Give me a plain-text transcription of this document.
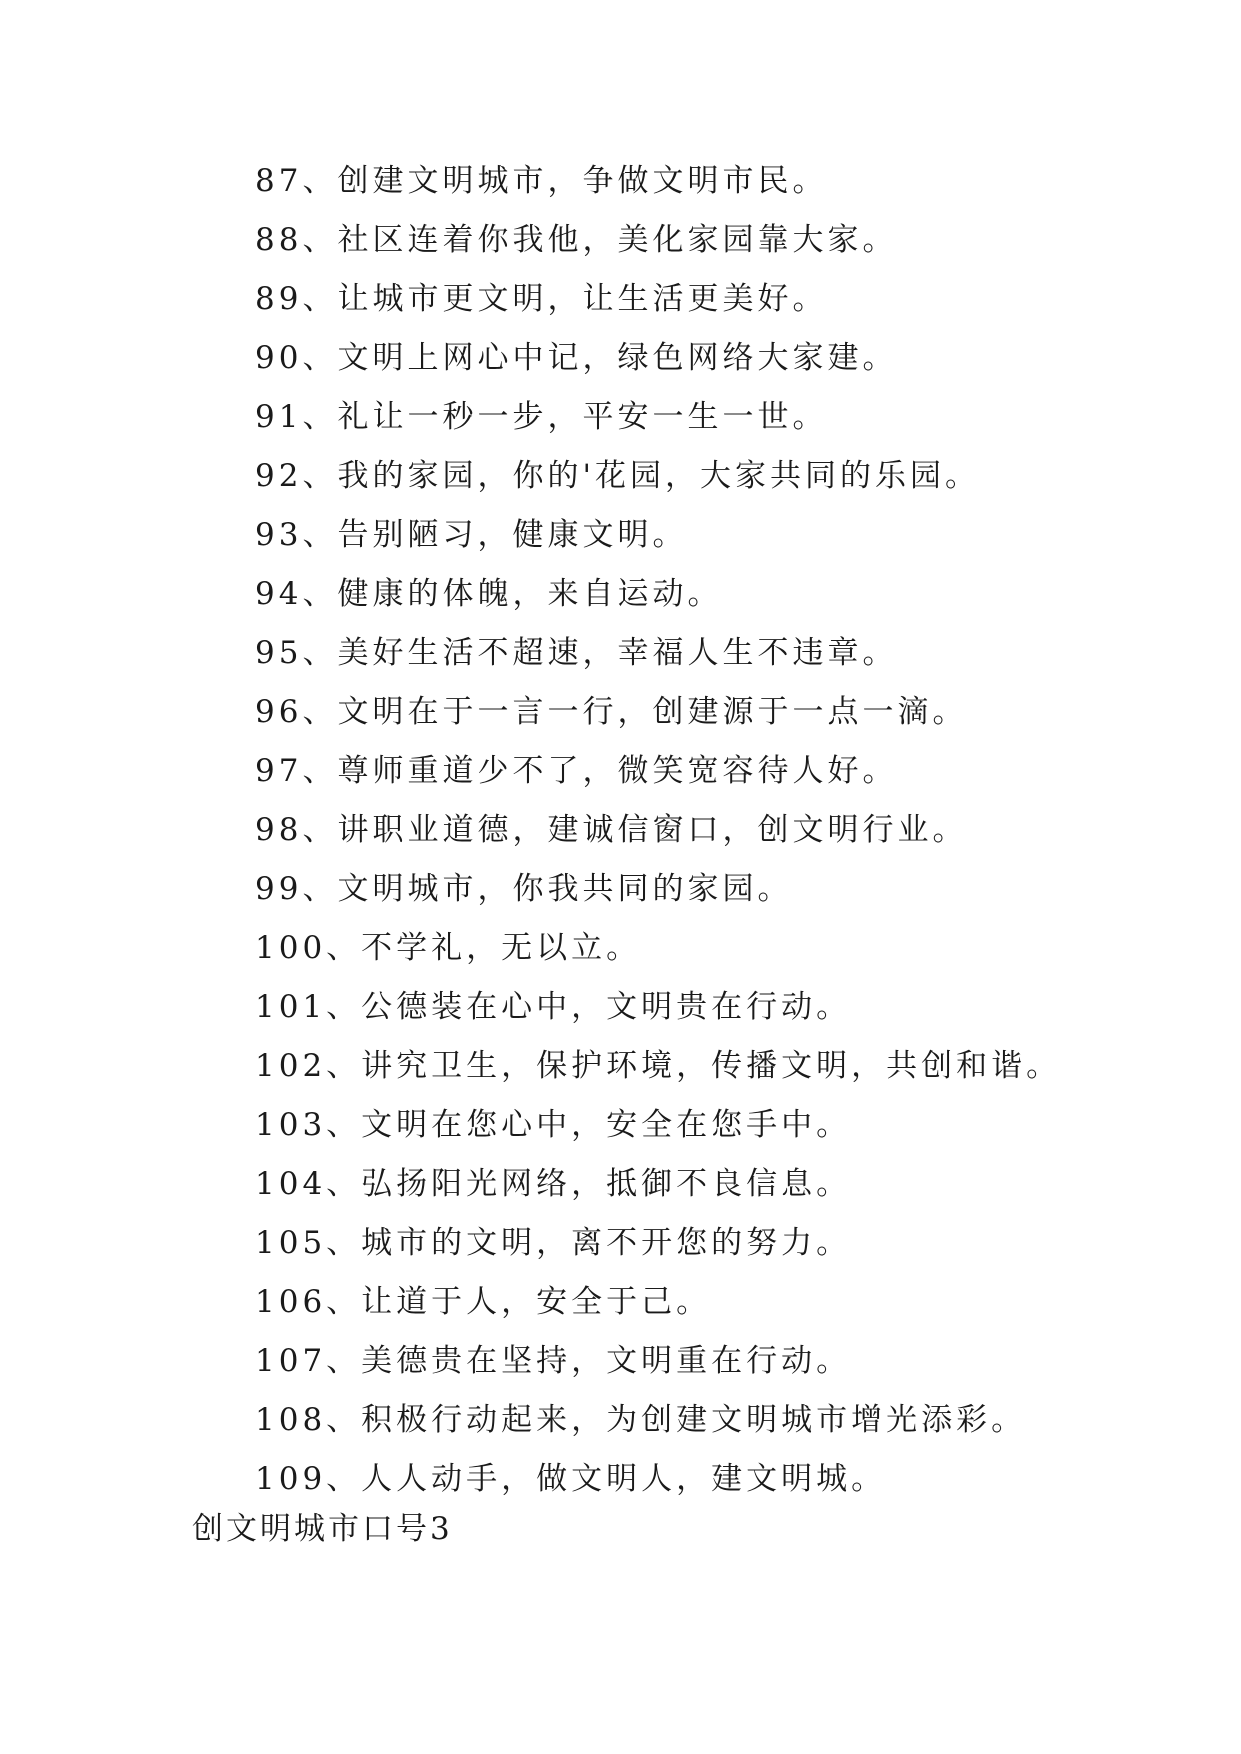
87、创建文明城市，争做文明市民。
88、社区连着你我他，美化家园靠大家。
89、让城市更文明，让生活更美好。
90、文明上网心中记，绿色网络大家建。
91、礼让一秒一步，平安一生一世。
92、我的家园，你的'花园，大家共同的乐园。
93、告别陋习，健康文明。
94、健康的体魄，来自运动。
95、美好生活不超速，幸福人生不违章。
96、文明在于一言一行，创建源于一点一滴。
97、尊师重道少不了，微笑宽容待人好。
98、讲职业道德，建诚信窗口，创文明行业。
99、文明城市，你我共同的家园。
100、不学礼，无以立。
101、公德装在心中，文明贵在行动。
102、讲究卫生，保护环境，传播文明，共创和谐。
103、文明在您心中，安全在您手中。
104、弘扬阳光网络，抵御不良信息。
105、城市的文明，离不开您的努力。
106、让道于人，安全于己。
107、美德贵在坚持，文明重在行动。
108、积极行动起来，为创建文明城市增光添彩。
109、人人动手，做文明人，建文明城。
创文明城市口号3
